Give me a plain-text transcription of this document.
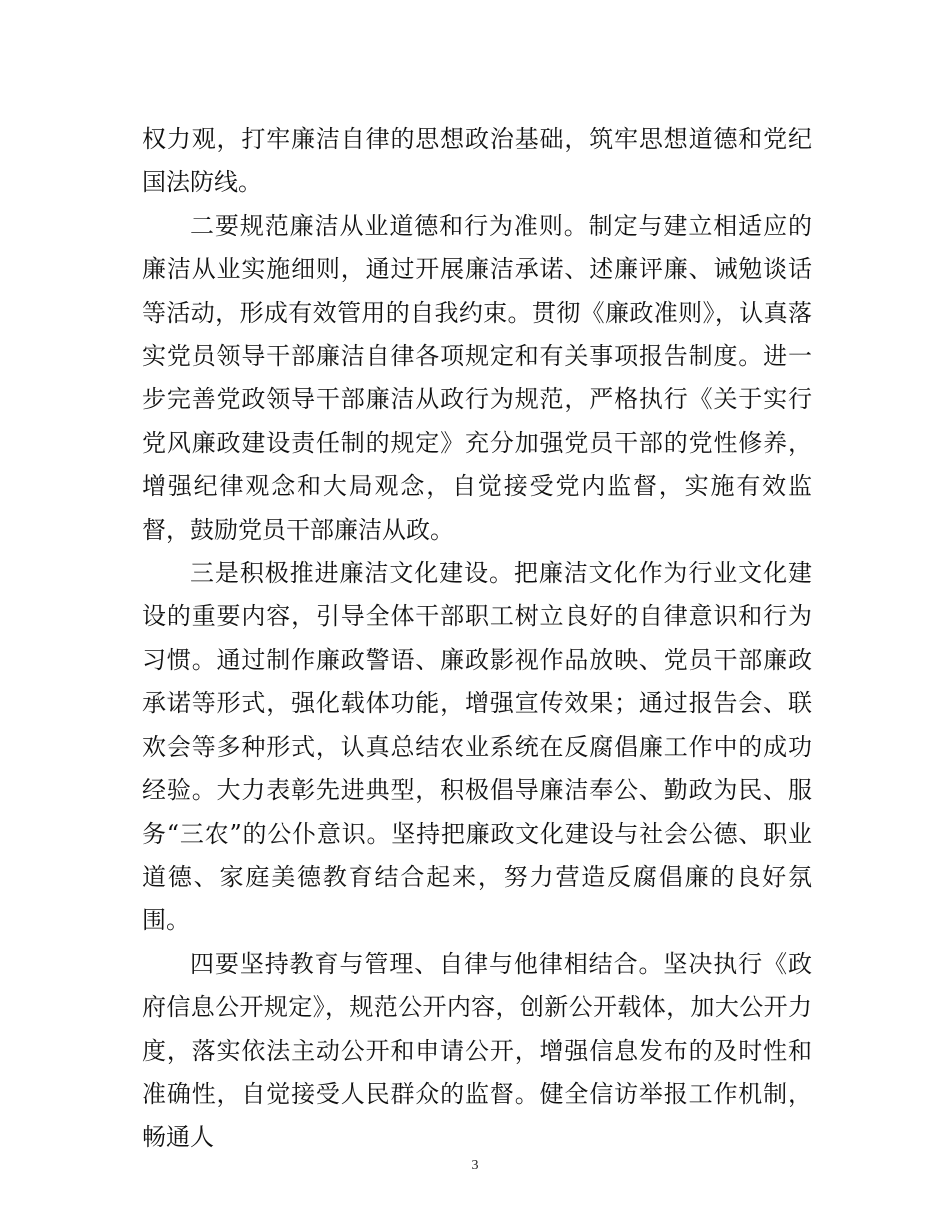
权力观，打牢廉洁自律的思想政治基础，筑牢思想道德和党纪国法防线。

二要规范廉洁从业道德和行为准则。制定与建立相适应的廉洁从业实施细则，通过开展廉洁承诺、述廉评廉、诫勉谈话等活动，形成有效管用的自我约束。贯彻《廉政准则》，认真落实党员领导干部廉洁自律各项规定和有关事项报告制度。进一步完善党政领导干部廉洁从政行为规范，严格执行《关于实行党风廉政建设责任制的规定》充分加强党员干部的党性修养，增强纪律观念和大局观念，自觉接受党内监督，实施有效监督，鼓励党员干部廉洁从政。

三是积极推进廉洁文化建设。把廉洁文化作为行业文化建设的重要内容，引导全体干部职工树立良好的自律意识和行为习惯。通过制作廉政警语、廉政影视作品放映、党员干部廉政承诺等形式，强化载体功能，增强宣传效果；通过报告会、联欢会等多种形式，认真总结农业系统在反腐倡廉工作中的成功经验。大力表彰先进典型，积极倡导廉洁奉公、勤政为民、服务“三农”的公仆意识。坚持把廉政文化建设与社会公德、职业道德、家庭美德教育结合起来，努力营造反腐倡廉的良好氛围。

四要坚持教育与管理、自律与他律相结合。坚决执行《政府信息公开规定》，规范公开内容，创新公开载体，加大公开力度，落实依法主动公开和申请公开，增强信息发布的及时性和准确性，自觉接受人民群众的监督。健全信访举报工作机制，畅通人

3
